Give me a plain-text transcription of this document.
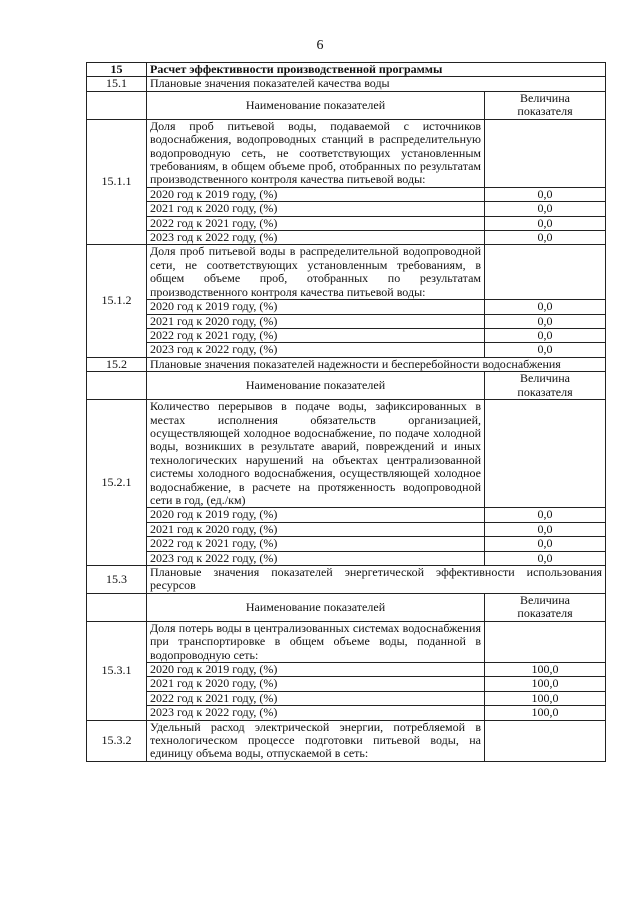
6
15	Расчет эффективности производственной программы	
15.1	Плановые значения показателей качества воды	
	Наименование показателей	Величина
показателя
15.1.1	Доля проб питьевой воды, подаваемой с источников водоснабжения, водопроводных станций в распределительную водопроводную сеть, не соответствующих установленным требованиям, в общем объеме проб, отобранных по результатам производственного контроля качества питьевой воды:	
	2020 год к 2019 году, (%)	0,0
	2021 год к 2020 году, (%)	0,0
	2022 год к 2021 году, (%)	0,0
	2023 год к 2022 году, (%)	0,0
15.1.2	Доля проб питьевой воды в распределительной водопроводной сети, не соответствующих установленным требованиям, в общем объеме проб, отобранных по результатам производственного контроля качества питьевой воды:	
	2020 год к 2019 году, (%)	0,0
	2021 год к 2020 году, (%)	0,0
	2022 год к 2021 году, (%)	0,0
	2023 год к 2022 году, (%)	0,0
15.2	Плановые значения показателей надежности и бесперебойности водоснабжения	
	Наименование показателей	Величина
показателя
15.2.1	Количество перерывов в подаче воды, зафиксированных в местах исполнения обязательств организацией, осуществляющей холодное водоснабжение, по подаче холодной воды, возникших в результате аварий, повреждений и иных технологических нарушений на объектах централизованной системы холодного водоснабжения, осуществляющей холодное водоснабжение, в расчете на протяженность водопроводной сети в год, (ед./км)	
	2020 год к 2019 году, (%)	0,0
	2021 год к 2020 году, (%)	0,0
	2022 год к 2021 году, (%)	0,0
	2023 год к 2022 году, (%)	0,0
15.3	Плановые значения показателей энергетической эффективности использования ресурсов	
	Наименование показателей	Величина
показателя
15.3.1	Доля потерь воды в централизованных системах водоснабжения при транспортировке в общем объеме воды, поданной в водопроводную сеть:	
	2020 год к 2019 году, (%)	100,0
	2021 год к 2020 году, (%)	100,0
	2022 год к 2021 году, (%)	100,0
	2023 год к 2022 году, (%)	100,0
15.3.2	Удельный расход электрической энергии, потребляемой в технологическом процессе подготовки питьевой воды, на единицу объема воды, отпускаемой в сеть:	
